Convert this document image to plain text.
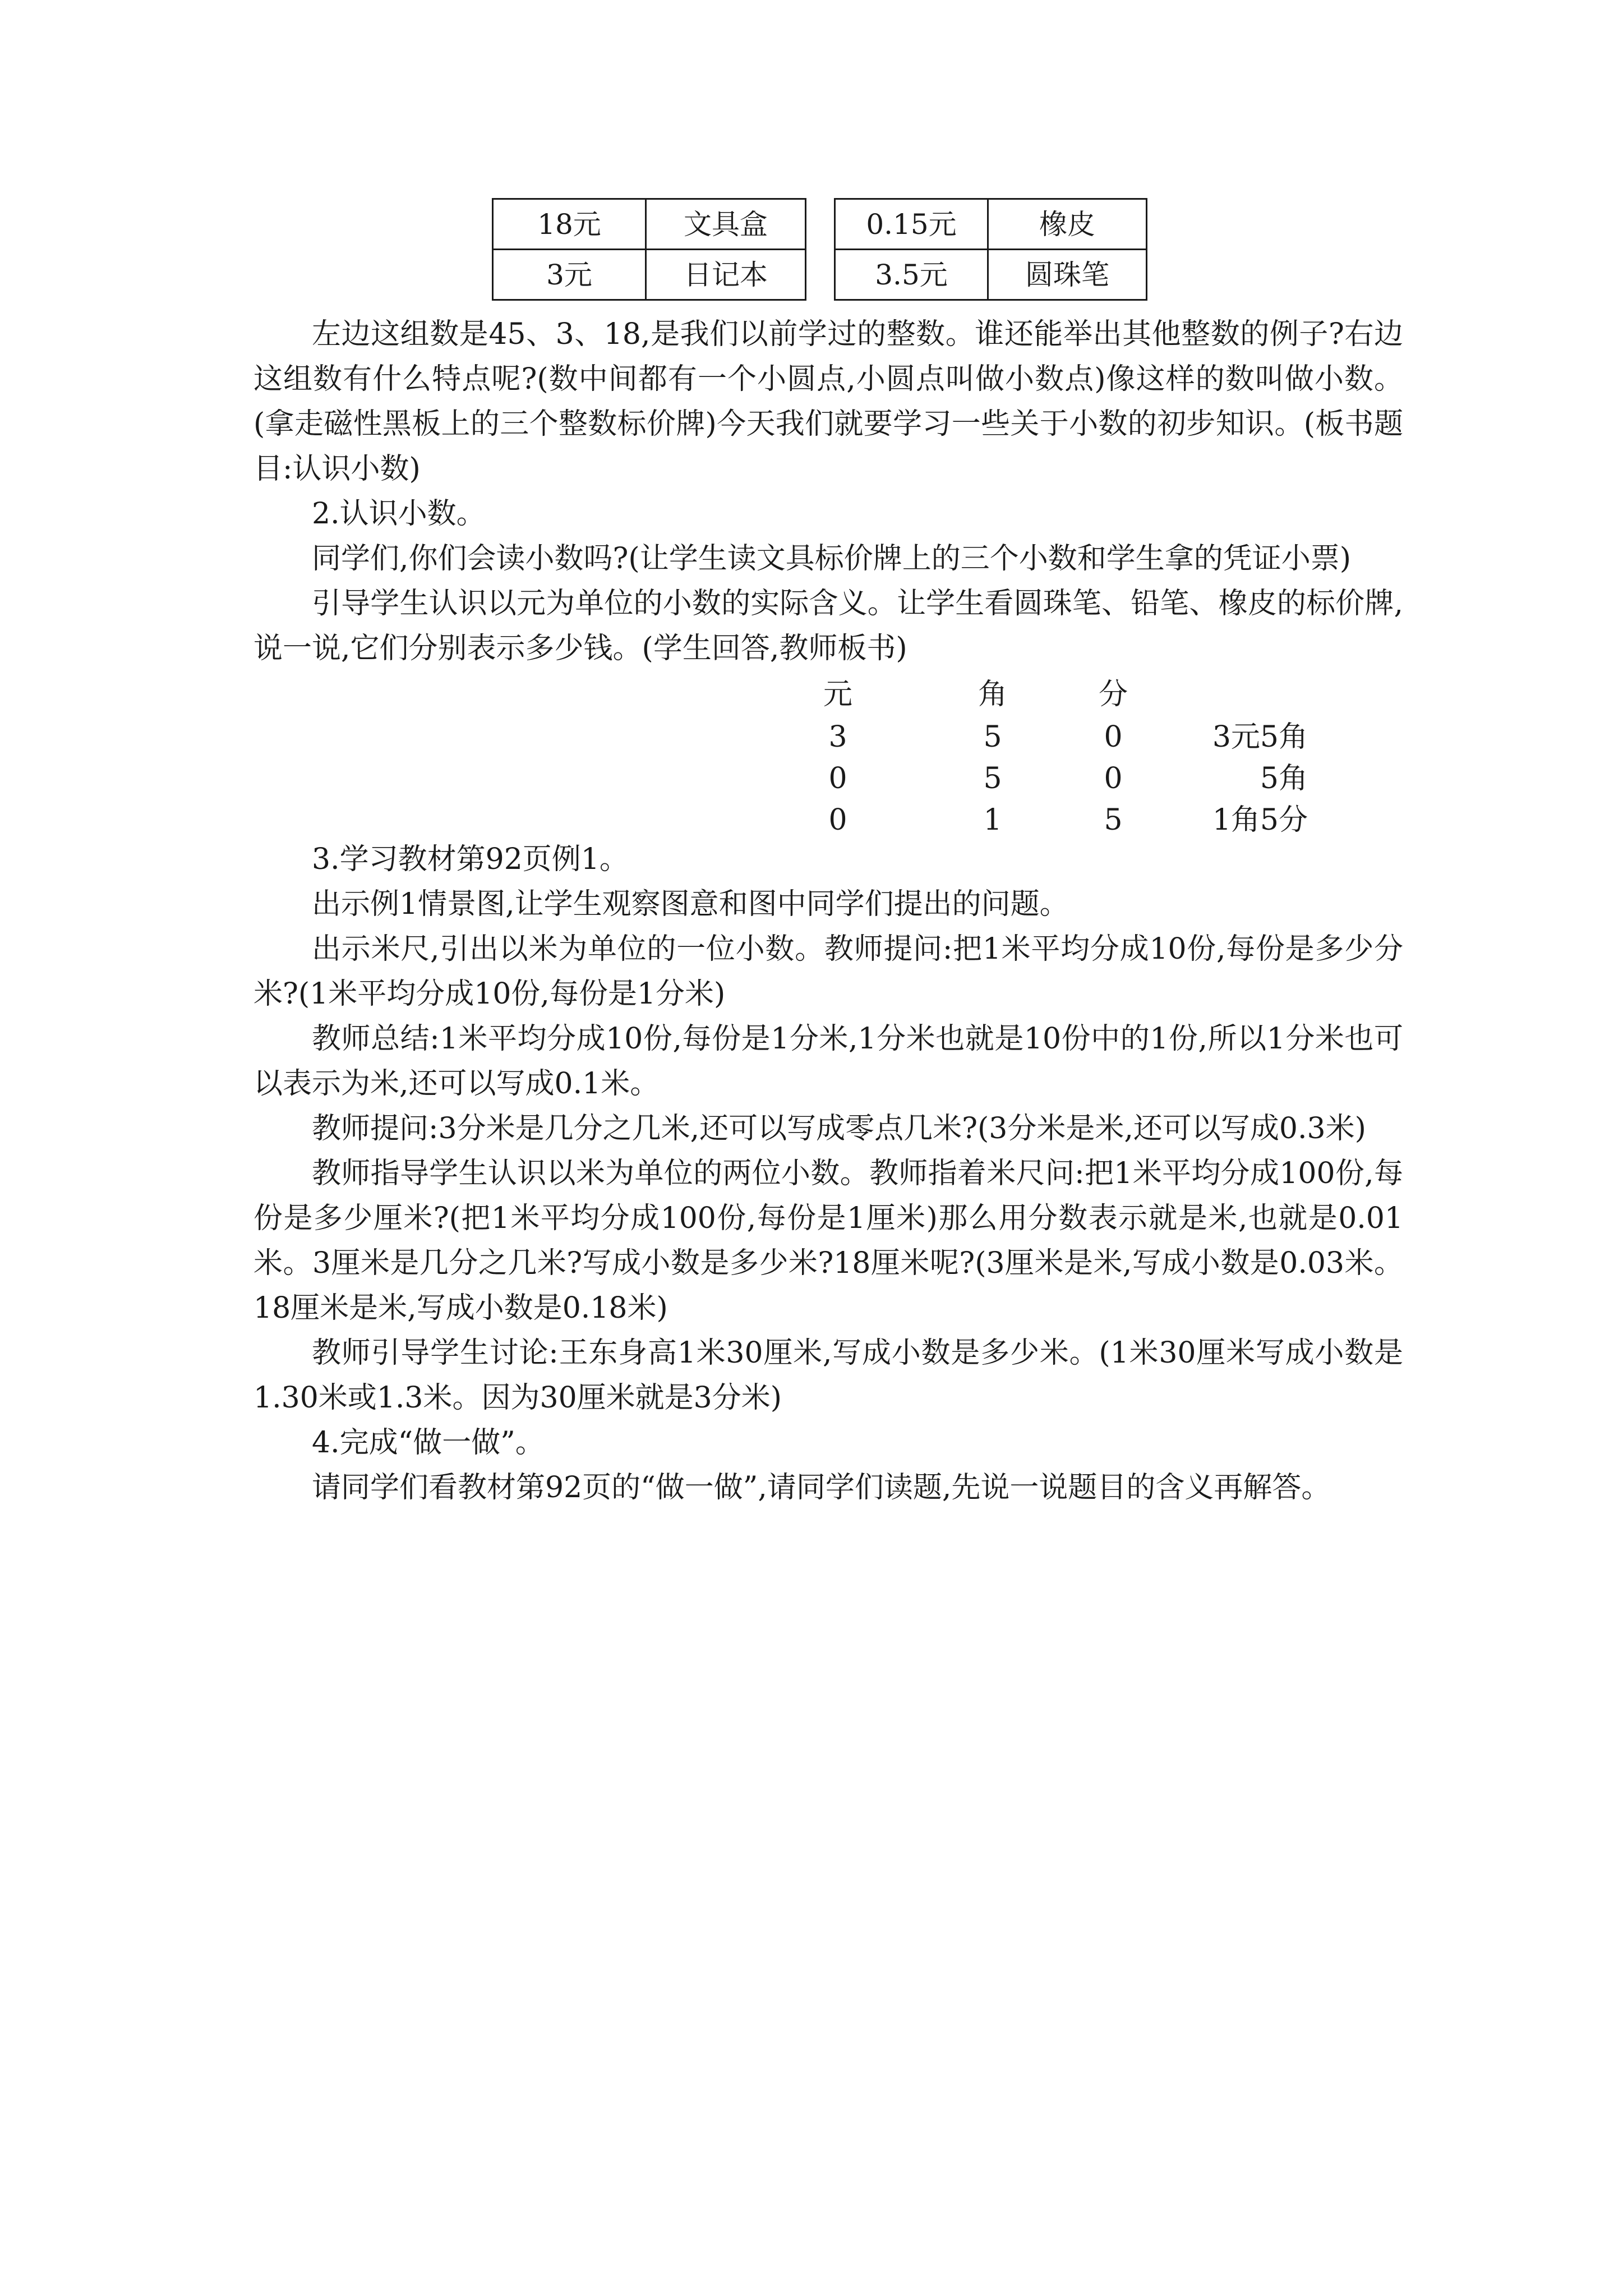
18元	文具盒
3元	日记本
0.15元	橡皮
3.5元	圆珠笔

左边这组数是45、3、18,是我们以前学过的整数。谁还能举出其他整数的例子?右边这组数有什么特点呢?(数中间都有一个小圆点,小圆点叫做小数点)像这样的数叫做小数。(拿走磁性黑板上的三个整数标价牌)今天我们就要学习一些关于小数的初步知识。(板书题目:认识小数)

2.认识小数。

同学们,你们会读小数吗?(让学生读文具标价牌上的三个小数和学生拿的凭证小票)

引导学生认识以元为单位的小数的实际含义。让学生看圆珠笔、铅笔、橡皮的标价牌,说一说,它们分别表示多少钱。(学生回答,教师板书)

元	角	分
3	5	0	3元5角
0	5	0	5角
0	1	5	1角5分

3.学习教材第92页例1。

出示例1情景图,让学生观察图意和图中同学们提出的问题。

出示米尺,引出以米为单位的一位小数。教师提问:把1米平均分成10份,每份是多少分米?(1米平均分成10份,每份是1分米)

教师总结:1米平均分成10份,每份是1分米,1分米也就是10份中的1份,所以1分米也可以表示为米,还可以写成0.1米。

教师提问:3分米是几分之几米,还可以写成零点几米?(3分米是米,还可以写成0.3米)

教师指导学生认识以米为单位的两位小数。教师指着米尺问:把1米平均分成100份,每份是多少厘米?(把1米平均分成100份,每份是1厘米)那么用分数表示就是米,也就是0.01米。3厘米是几分之几米?写成小数是多少米?18厘米呢?(3厘米是米,写成小数是0.03米。18厘米是米,写成小数是0.18米)

教师引导学生讨论:王东身高1米30厘米,写成小数是多少米。(1米30厘米写成小数是1.30米或1.3米。因为30厘米就是3分米)

4.完成“做一做”。

请同学们看教材第92页的“做一做”,请同学们读题,先说一说题目的含义再解答。
